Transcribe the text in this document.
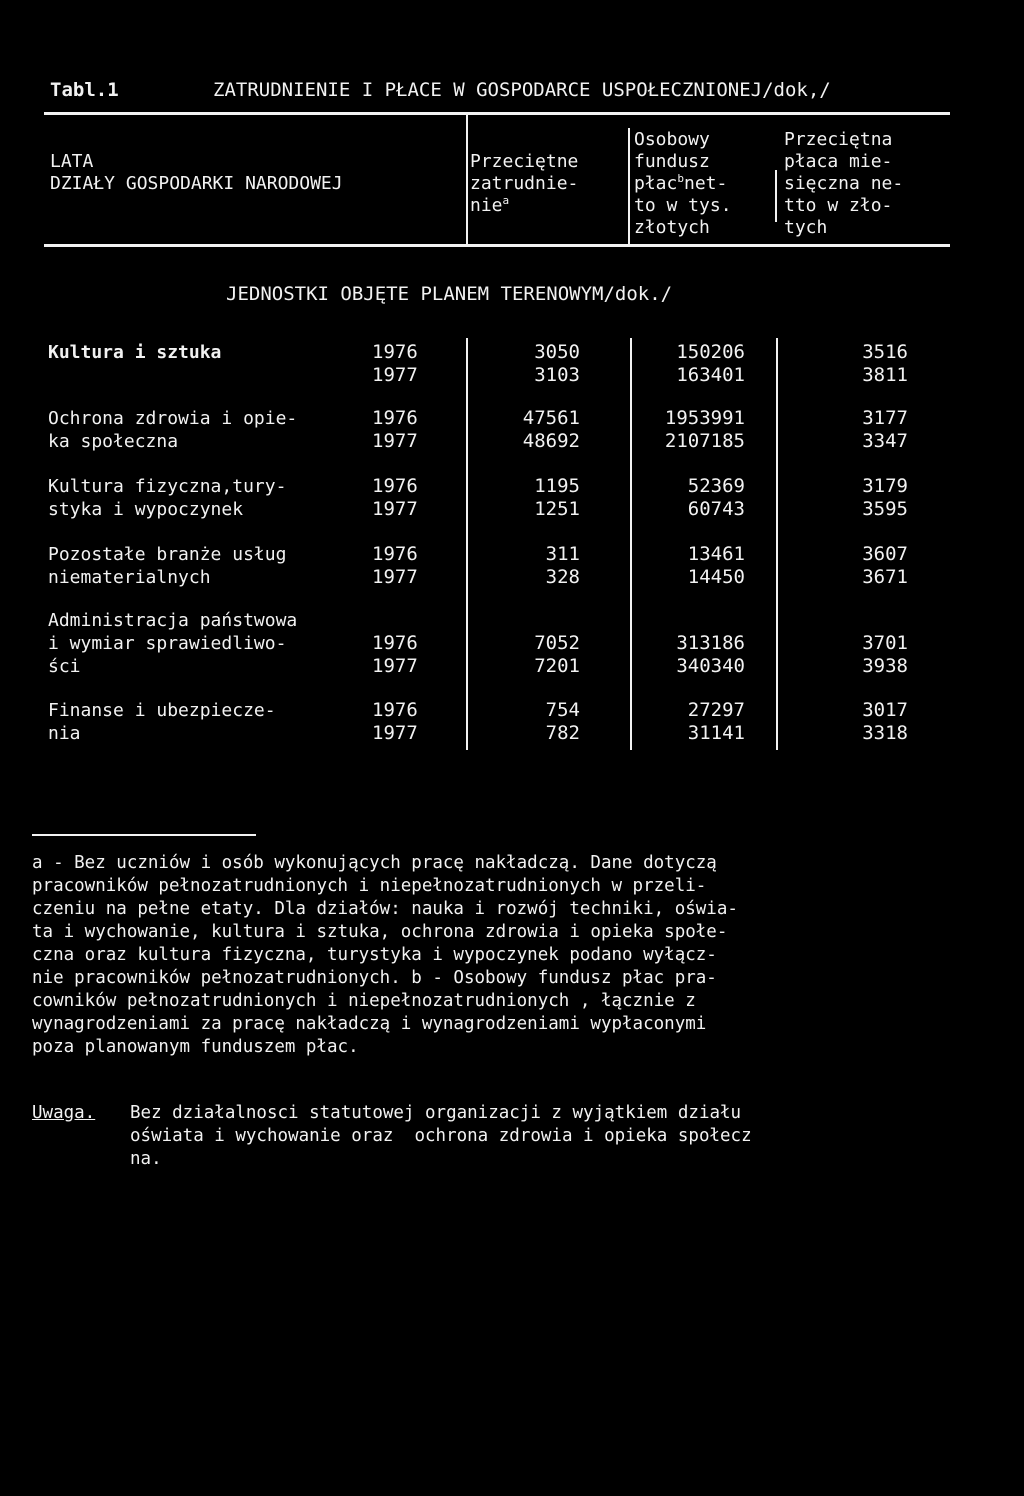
Tabl.1	ZATRUDNIENIE I PŁACE W GOSPODARCE USPOŁECZNIONEJ/dok,/
LATA
DZIAŁY GOSPODARKI NARODOWEJ
Przeciętne
zatrudnie-
nie$^a$
Osobowy
fundusz
płac$^b$net-
to w tys.
złotych
Przeciętna
płaca mie-
sięczna ne-
tto w zło-
tych
JEDNOSTKI OBJĘTE PLANEM TERENOWYM/dok./
Kultura i sztuka	1976
1977
3050
3103
150206
163401
3516
3811
Ochrona zdrowia i opie-
ka społeczna
1976
1977
47561
48692
1953991
2107185
3177
3347
Kultura fizyczna,tury-
styka i wypoczynek
1976
1977
1195
1251
52369
60743
3179
3595
Pozostałe branże usług
niematerialnych
1976
1977
311
328
13461
14450
3607
3671
Administracja państwowa
i wymiar sprawiedliwo-
ści
1976
1977
7052
7201
313186
340340
3701
3938
Finanse i ubezpiecze-
nia
1976
1977
754
782
27297
31141
3017
3318
a - Bez uczniów i osób wykonujących pracę nakładczą. Dane dotyczą
pracowników pełnozatrudnionych i niepełnozatrudnionych w przeli-
czeniu na pełne etaty. Dla działów: nauka i rozwój techniki, oświa-
ta i wychowanie, kultura i sztuka, ochrona zdrowia i opieka społe-
czna oraz kultura fizyczna, turystyka i wypoczynek podano wyłącz-
nie pracowników pełnozatrudnionych. b - Osobowy fundusz płac pra-
cowników pełnozatrudnionych i niepełnozatrudnionych , łącznie z
wynagrodzeniami za pracę nakładczą i wynagrodzeniami wypłaconymi
poza planowanym funduszem płac.
Uwaga. Bez działalnosci statutowej organizacji z wyjątkiem działu
oświata i wychowanie oraz  ochrona zdrowia i opieka społecz
na.
